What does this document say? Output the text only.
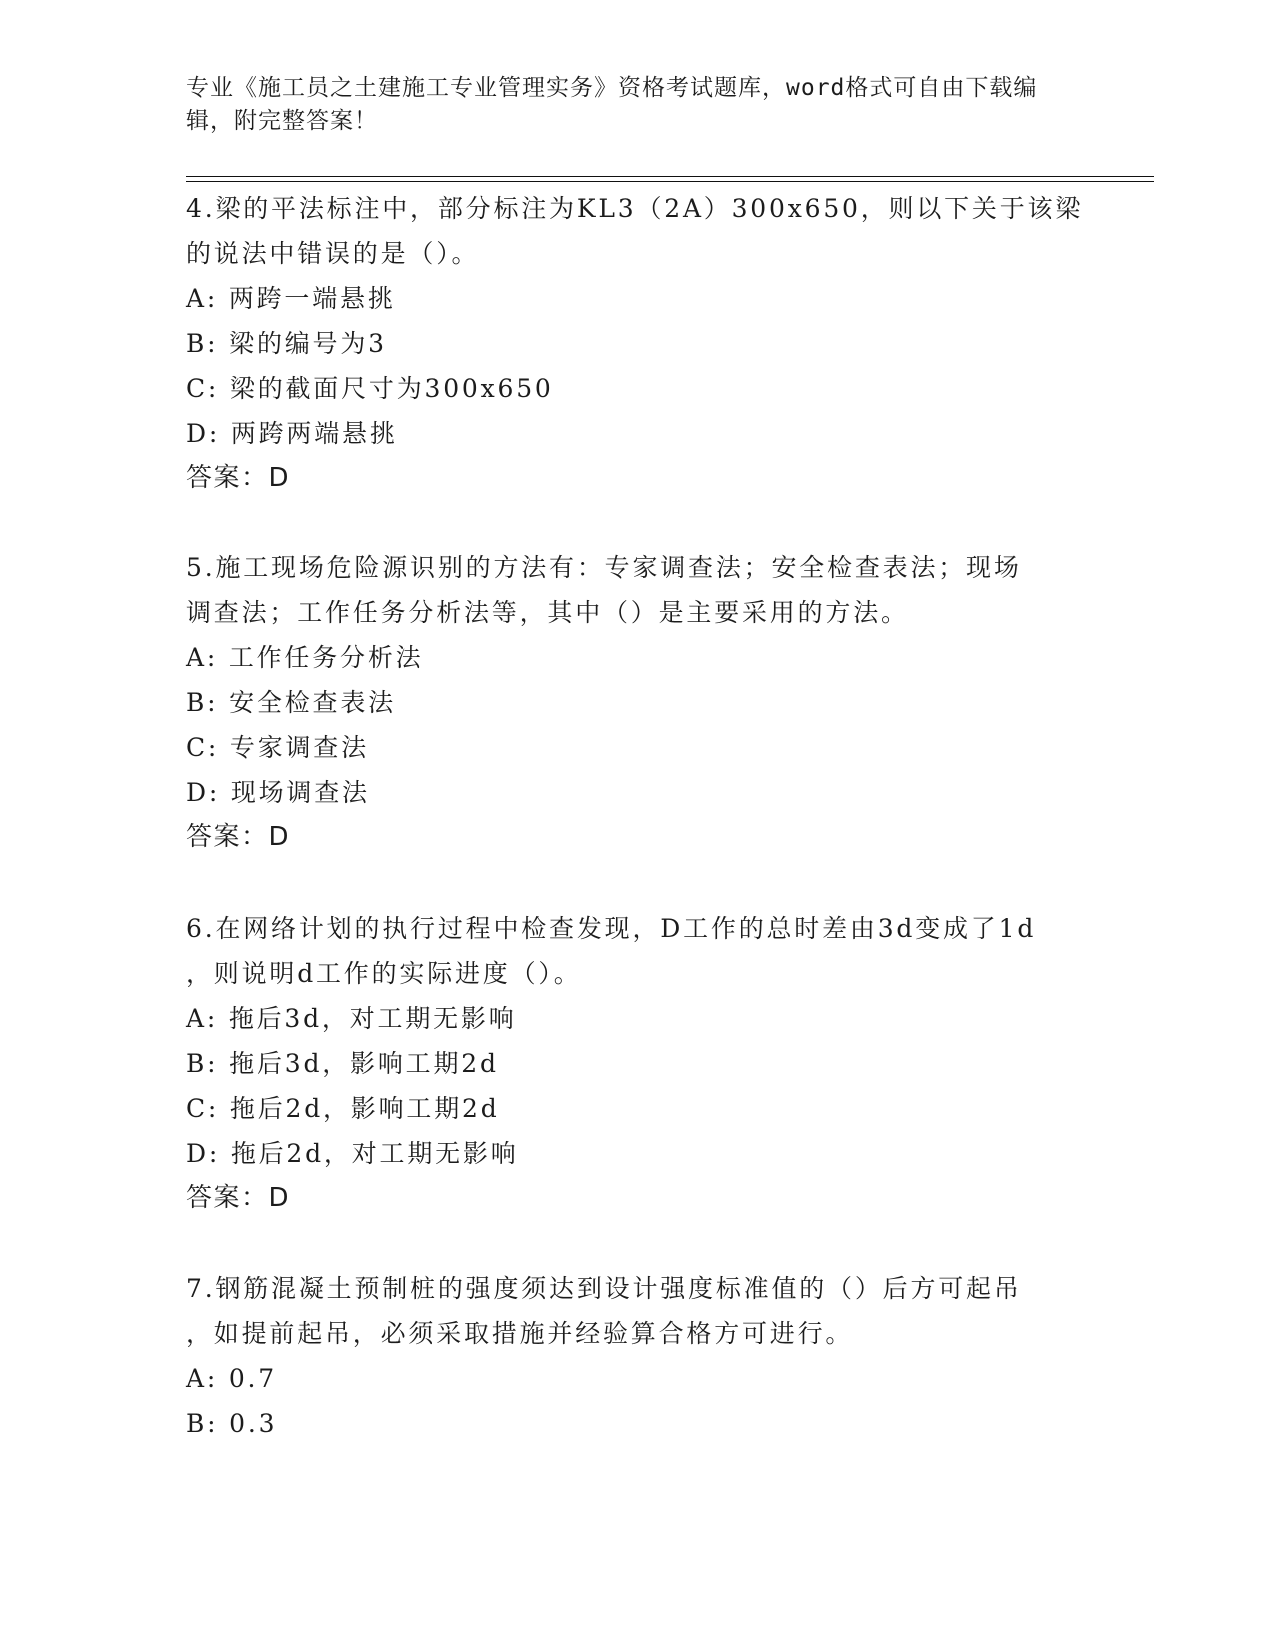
专业《施工员之土建施工专业管理实务》资格考试题库，word格式可自由下载编
辑，附完整答案！
4.梁的平法标注中，部分标注为KL3（2A）300x650，则以下关于该梁
的说法中错误的是（）。
A: 两跨一端悬挑
B: 梁的编号为3
C: 梁的截面尺寸为300x650
D: 两跨两端悬挑
答案：D
5.施工现场危险源识别的方法有：专家调查法；安全检查表法；现场
调查法；工作任务分析法等，其中（）是主要采用的方法。
A: 工作任务分析法
B: 安全检查表法
C: 专家调查法
D: 现场调查法
答案：D
6.在网络计划的执行过程中检查发现，D工作的总时差由3d变成了1d
，则说明d工作的实际进度（）。
A: 拖后3d，对工期无影响
B: 拖后3d，影响工期2d
C: 拖后2d，影响工期2d
D: 拖后2d，对工期无影响
答案：D
7.钢筋混凝土预制桩的强度须达到设计强度标准值的（）后方可起吊
，如提前起吊，必须采取措施并经验算合格方可进行。
A: 0.7
B: 0.3
